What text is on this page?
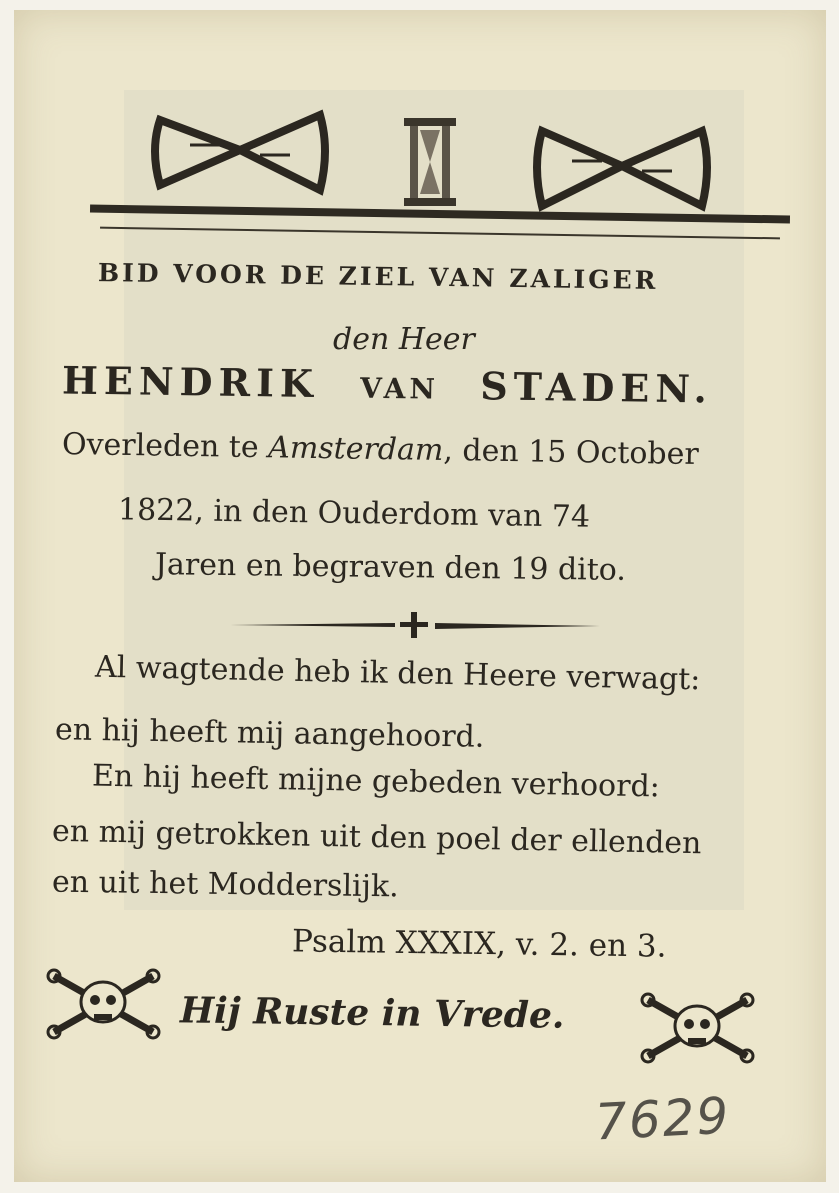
BID VOOR DE ZIEL VAN ZALIGER
den Heer
HENDRIK VAN STADEN.
Overleden te Amsterdam, den 15 October
1822, in den Ouderdom van 74
Jaren en begraven den 19 dito.
Al wagtende heb ik den Heere verwagt:
en hij heeft mij aangehoord.
En hij heeft mijne gebeden verhoord:
en mij getrokken uit den poel der ellenden
en uit het Modderslijk.
Psalm XXXIX, v. 2. en 3.
Hij Ruste in Vrede.
7629
